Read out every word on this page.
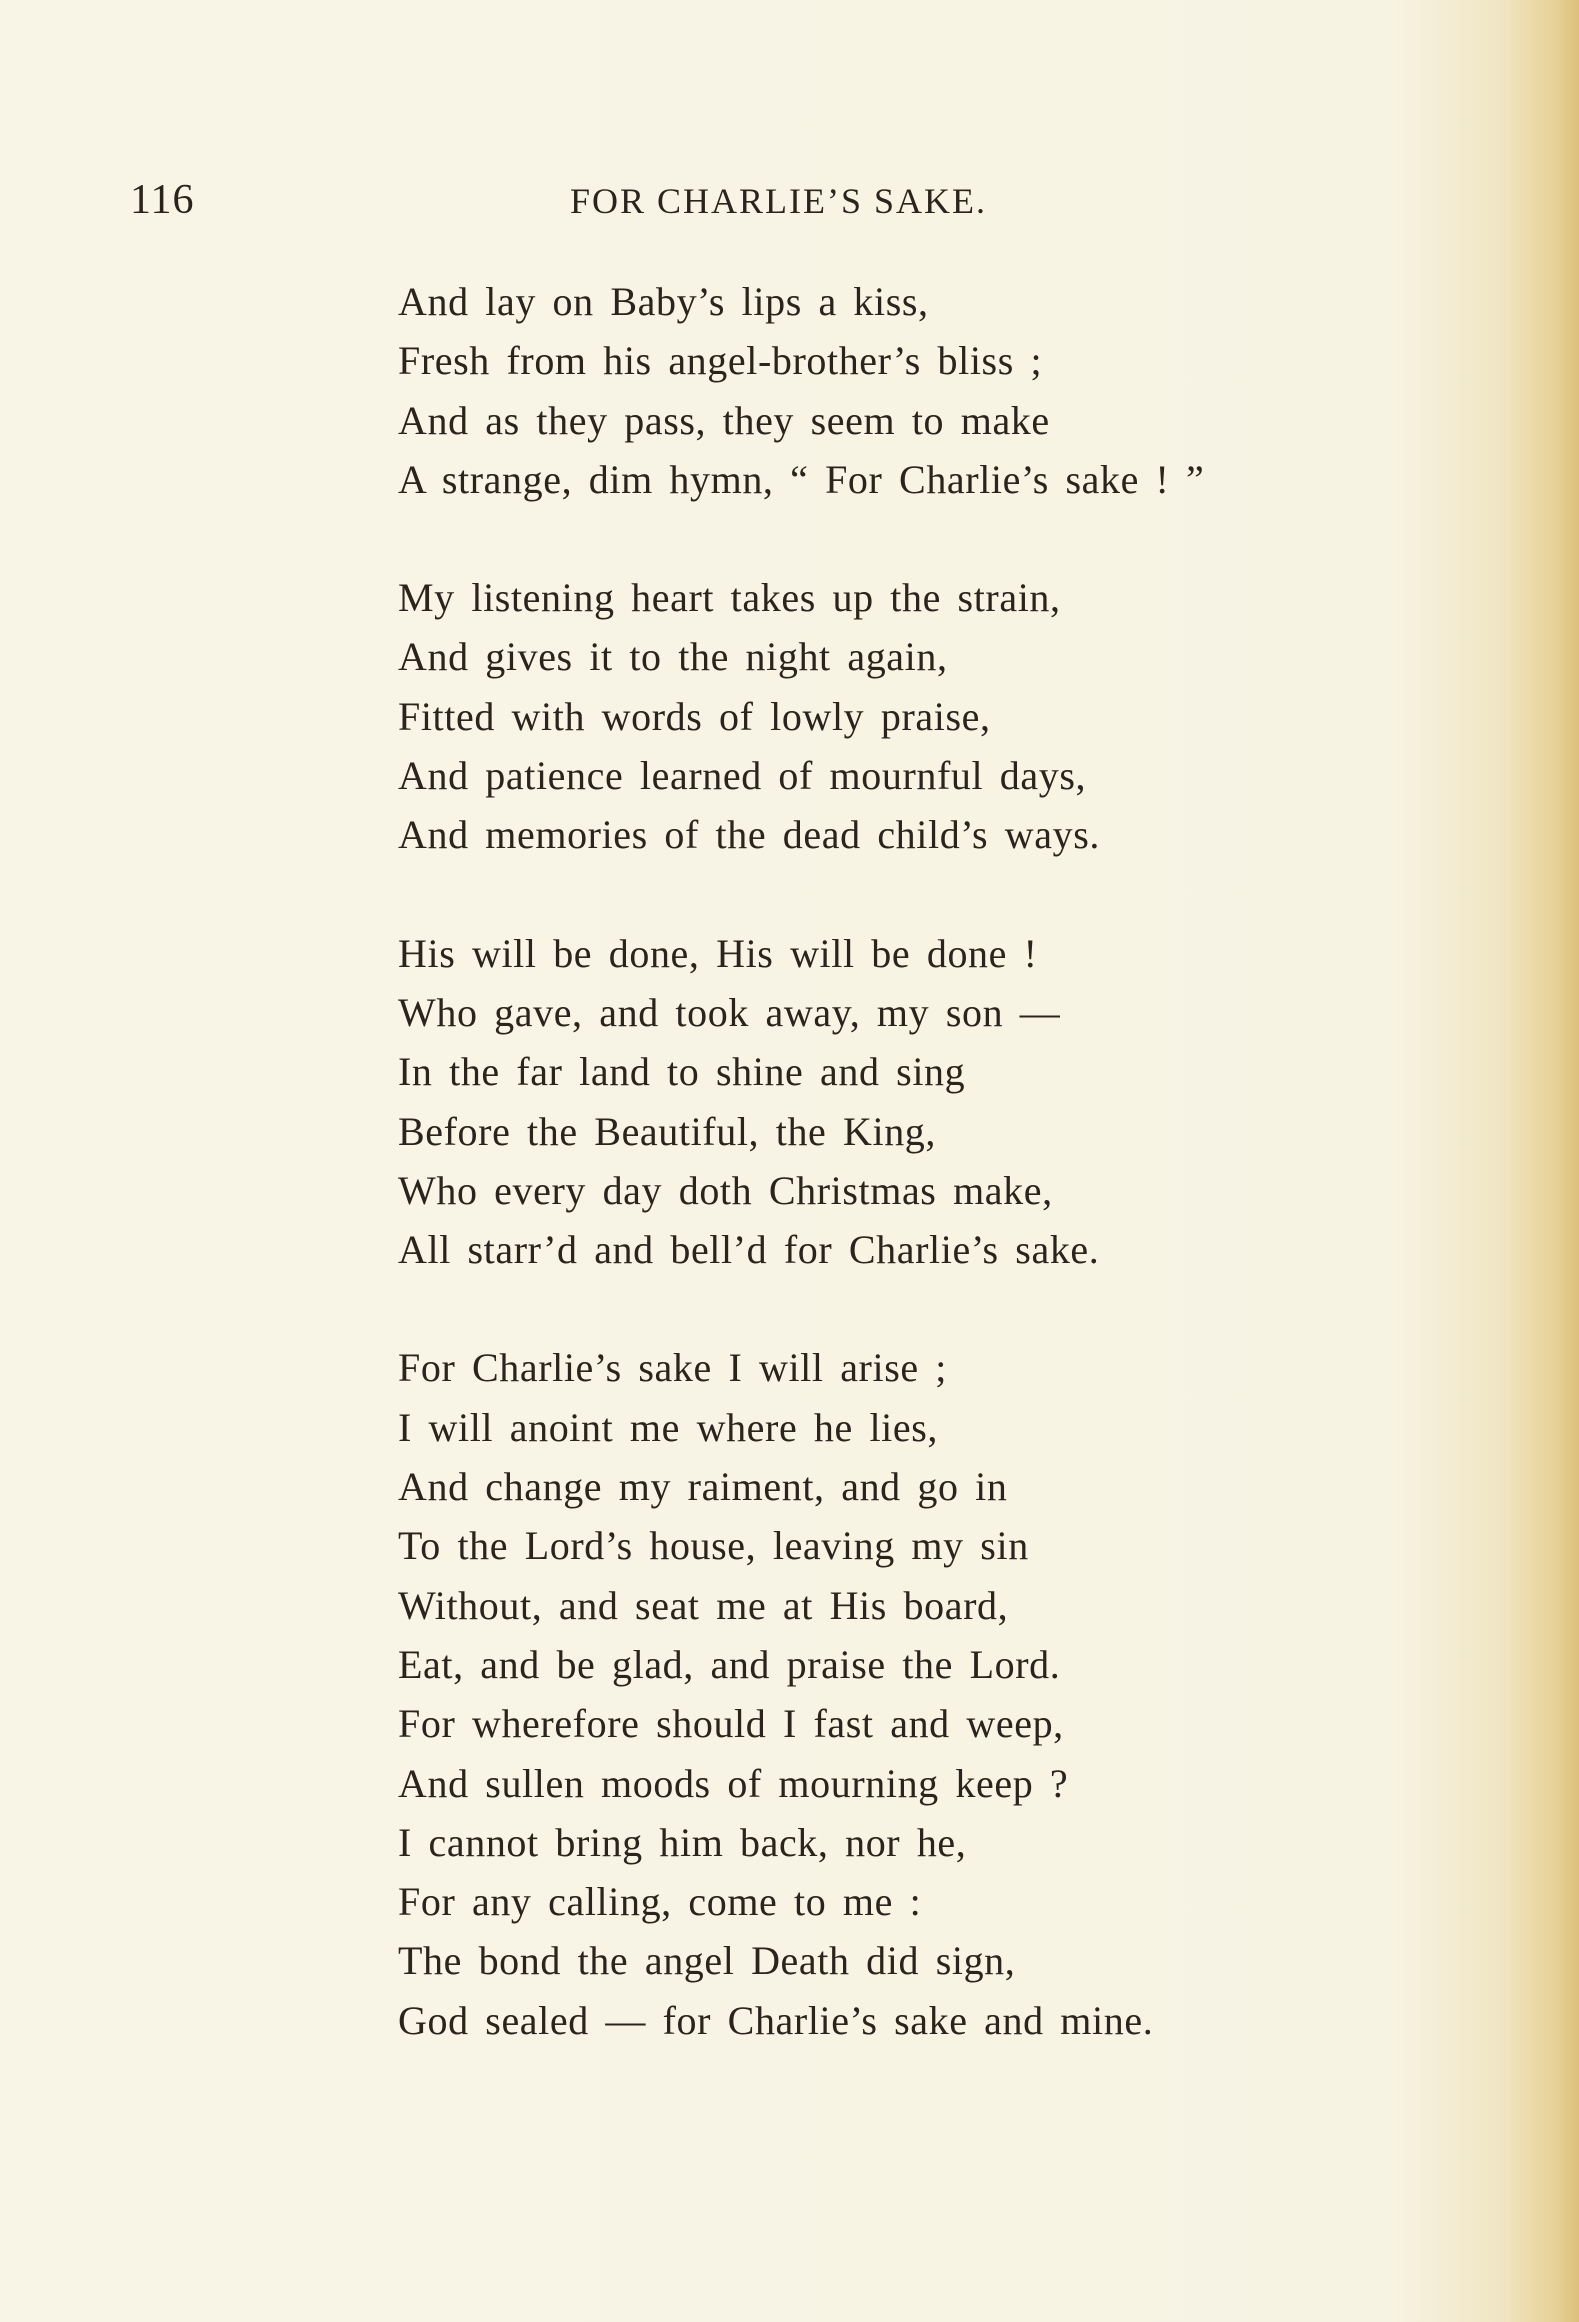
116	FOR CHARLIE’S SAKE.
And lay on Baby’s lips a kiss,
Fresh from his angel-brother’s bliss ;
And as they pass, they seem to make
A strange, dim hymn, “ For Charlie’s sake ! ”
My listening heart takes up the strain,
And gives it to the night again,
Fitted with words of lowly praise,
And patience learned of mournful days,
And memories of the dead child’s ways.
His will be done, His will be done !
Who gave, and took away, my son —
In the far land to shine and sing
Before the Beautiful, the King,
Who every day doth Christmas make,
All starr’d and bell’d for Charlie’s sake.
For Charlie’s sake I will arise ;
I will anoint me where he lies,
And change my raiment, and go in
To the Lord’s house, leaving my sin
Without, and seat me at His board,
Eat, and be glad, and praise the Lord.
For wherefore should I fast and weep,
And sullen moods of mourning keep ?
I cannot bring him back, nor he,
For any calling, come to me :
The bond the angel Death did sign,
God sealed — for Charlie’s sake and mine.
